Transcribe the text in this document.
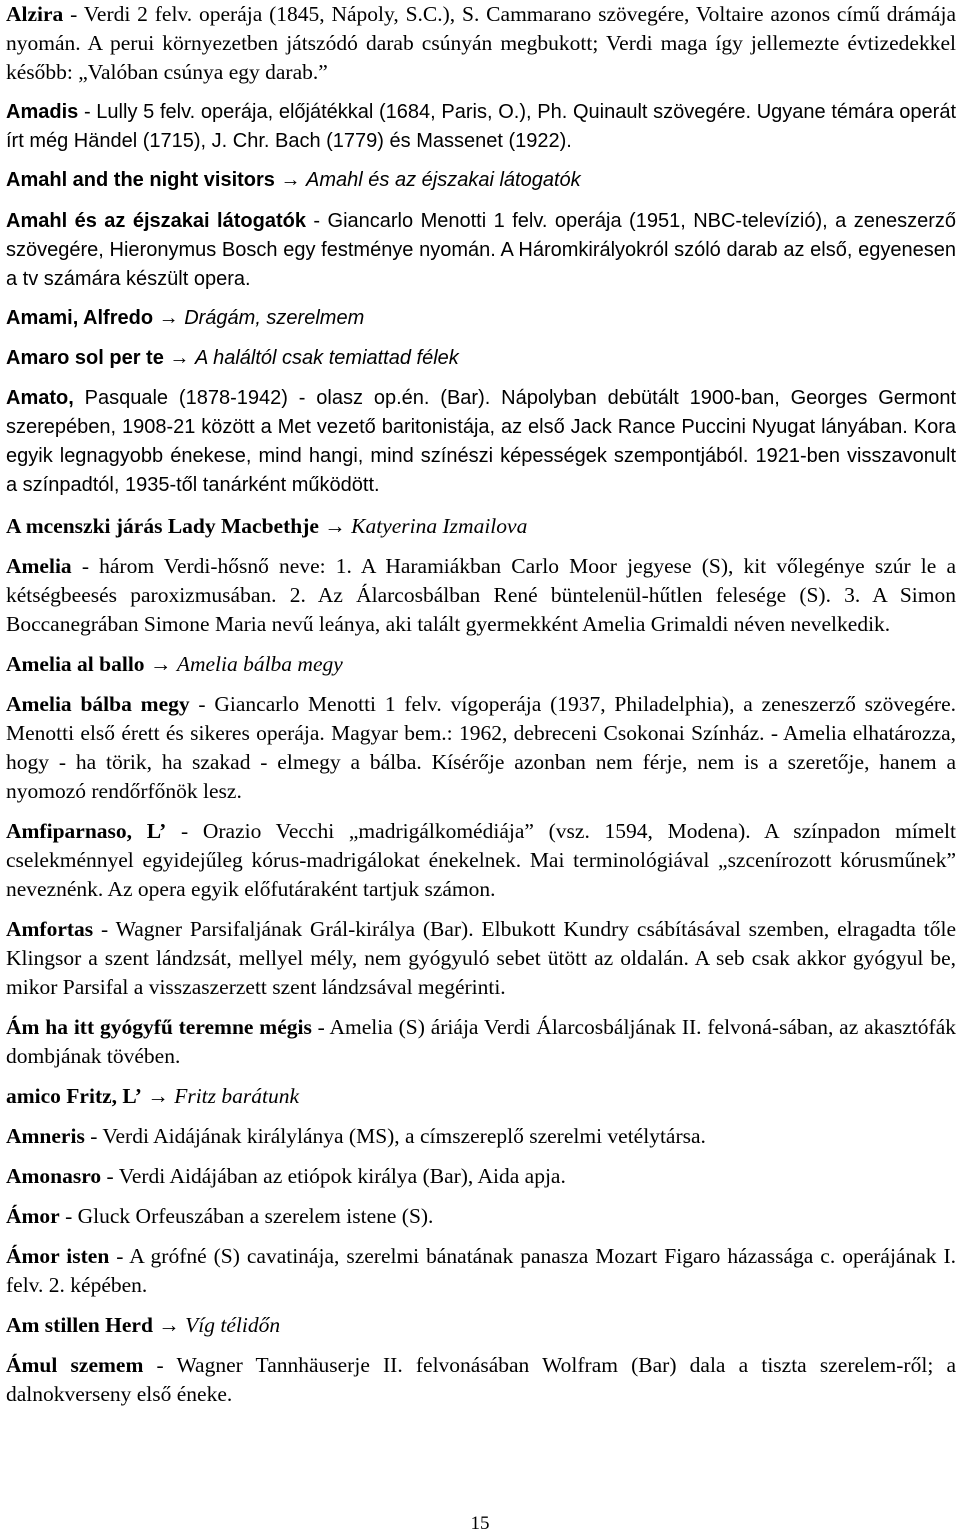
Alzira - Verdi 2 felv. operája (1845, Nápoly, S.C.), S. Cammarano szövegére, Voltaire azonos című drámája nyomán. A perui környezetben játszódó darab csúnyán megbukott; Verdi maga így jellemezte évtizedekkel később: „Valóban csúnya egy darab.”

Amadis - Lully 5 felv. operája, előjátékkal (1684, Paris, O.), Ph. Quinault szövegére. Ugyane témára operát írt még Händel (1715), J. Chr. Bach (1779) és Massenet (1922).

Amahl and the night visitors → Amahl és az éjszakai látogatók

Amahl és az éjszakai látogatók - Giancarlo Menotti 1 felv. operája (1951, NBC-televízió), a zeneszerző szövegére, Hieronymus Bosch egy festménye nyomán. A Háromkirályokról szóló darab az első, egyenesen a tv számára készült opera.

Amami, Alfredo → Drágám, szerelmem

Amaro sol per te → A haláltól csak temiattad félek

Amato, Pasquale (1878-1942) - olasz op.én. (Bar). Nápolyban debütált 1900-ban, Georges Germont szerepében, 1908-21 között a Met vezető baritonistája, az első Jack Rance Puccini Nyugat lányában. Kora egyik legnagyobb énekese, mind hangi, mind színészi képességek szempontjából. 1921-ben visszavonult a színpadtól, 1935-től tanárként működött.

A mcenszki járás Lady Macbethje → Katyerina Izmailova

Amelia - három Verdi-hősnő neve: 1. A Haramiákban Carlo Moor jegyese (S), kit vőlegénye szúr le a kétségbeesés paroxizmusában. 2. Az Álarcosbálban René büntelenül-hűtlen felesége (S). 3. A Simon Boccanegrában Simone Maria nevű leánya, aki talált gyermekként Amelia Grimaldi néven nevelkedik.

Amelia al ballo → Amelia bálba megy

Amelia bálba megy - Giancarlo Menotti 1 felv. vígoperája (1937, Philadelphia), a zeneszerző szövegére. Menotti első érett és sikeres operája. Magyar bem.: 1962, debreceni Csokonai Színház. - Amelia elhatározza, hogy - ha törik, ha szakad - elmegy a bálba. Kísérője azonban nem férje, nem is a szeretője, hanem a nyomozó rendőrfőnök lesz.

Amfiparnaso, L’ - Orazio Vecchi „madrigálkomédiája” (vsz. 1594, Modena). A színpadon mímelt cselekménnyel egyidejűleg kórus-madrigálokat énekelnek. Mai terminológiával „szcenírozott kórusműnek” neveznénk. Az opera egyik előfutáraként tartjuk számon.

Amfortas - Wagner Parsifaljának Grál-királya (Bar). Elbukott Kundry csábításával szemben, elragadta tőle Klingsor a szent lándzsát, mellyel mély, nem gyógyuló sebet ütött az oldalán. A seb csak akkor gyógyul be, mikor Parsifal a visszaszerzett szent lándzsával megérinti.

Ám ha itt gyógyfű teremne mégis - Amelia (S) áriája Verdi Álarcosbáljának II. felvoná-sában, az akasztófák dombjának tövében.

amico Fritz, L’ → Fritz barátunk

Amneris - Verdi Aidájának királylánya (MS), a címszereplő szerelmi vetélytársa.

Amonasro - Verdi Aidájában az etiópok királya (Bar), Aida apja.

Ámor - Gluck Orfeuszában a szerelem istene (S).

Ámor isten - A grófné (S) cavatinája, szerelmi bánatának panasza Mozart Figaro házassága c. operájának I. felv. 2. képében.

Am stillen Herd → Víg télidőn

Ámul szemem - Wagner Tannhäuserje II. felvonásában Wolfram (Bar) dala a tiszta szerelem-ről; a dalnokverseny első éneke.

15
